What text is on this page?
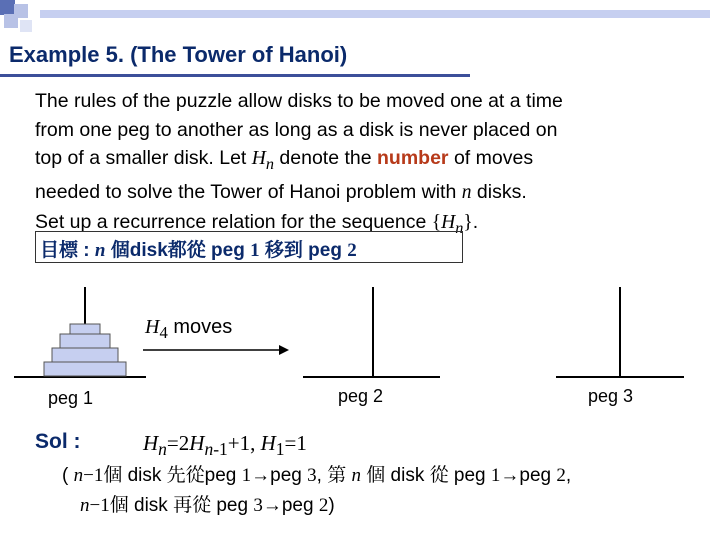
Example 5. (The Tower of Hanoi)
The rules of the puzzle allow disks to be moved one at a time
from one peg to another as long as a disk is never placed on
top of a smaller disk. Let $H_n$ denote the number of moves
needed to solve the Tower of Hanoi problem with n disks.
Set up a recurrence relation for the sequence $\{H_n\}$.
目標 : n 個disk都從 peg 1 移到 peg 2
$H_4$ moves
peg 1	peg 2	peg 3
Sol :	$H_n=2H_{n-1}+1$, $H_1=1$
( n−1個 disk 先從peg 1→peg 3, 第 n 個 disk 從 peg 1→peg 2,
n−1個 disk 再從 peg 3→peg 2)
